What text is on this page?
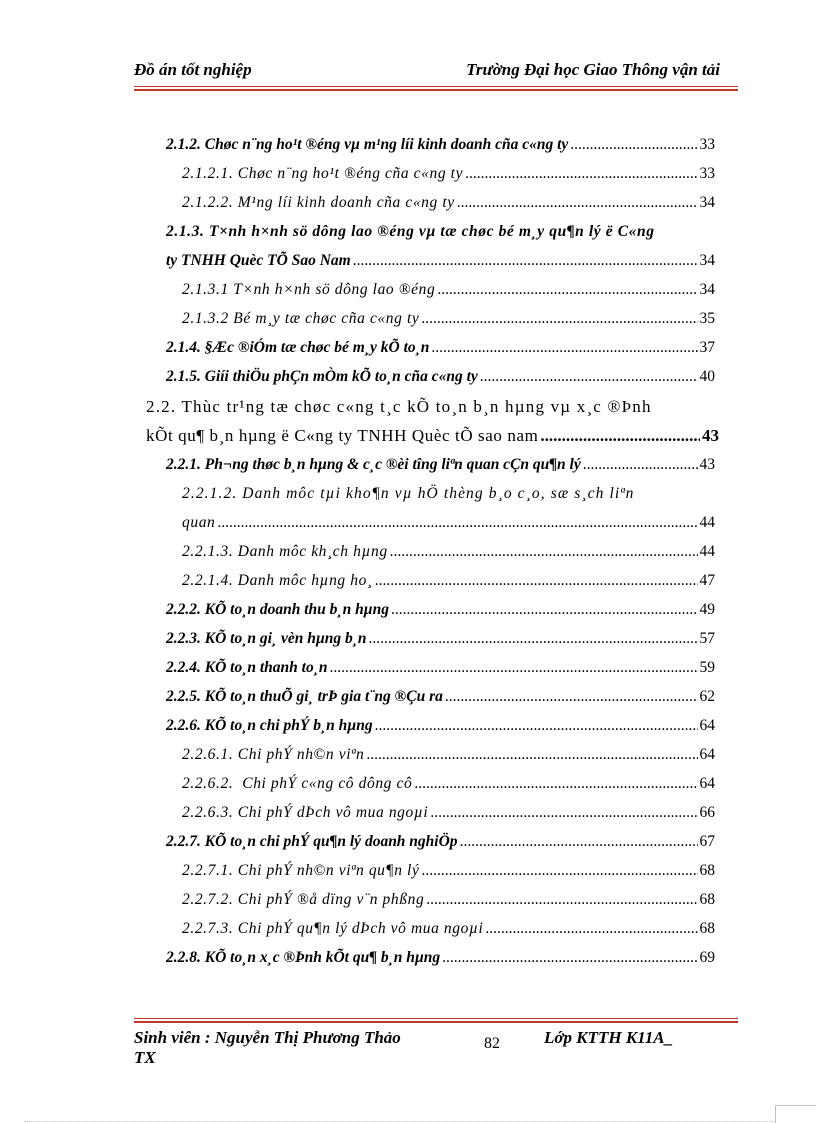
Đồ án tốt nghiệp	Trường Đại học Giao Thông vận tải
2.1.2. Chøc n¨ng ho¹t ®éng vµ m¹ng líi kinh doanh cña c«ng ty .....	33
2.1.2.1. Chøc n¨ng ho¹t ®éng cña c«ng ty .....	33
2.1.2.2. M¹ng líi kinh doanh cña c«ng ty .....	34
2.1.3. T×nh h×nh sö dông lao ®éng vµ tæ chøc bé m¸y qu¶n lý ë C«ng
ty TNHH Quèc TÕ Sao Nam .....	34
2.1.3.1 T×nh h×nh sö dông lao ®éng .....	34
2.1.3.2 Bé m¸y tæ chøc cña c«ng ty .....	35
2.1.4. §Æc ®iÓm tæ chøc bé m¸y kÕ to¸n .....	37
2.1.5. Giíi thiÖu phÇn mÒm kÕ to¸n cña c«ng ty .....	40
2.2. Thùc tr¹ng tæ chøc c«ng t¸c kÕ to¸n b¸n hµng vµ x¸c ®Þnh
kÕt qu¶ b¸n hµng ë C«ng ty TNHH Quèc tÕ sao nam .....	43
2.2.1. Ph¬ng thøc b¸n hµng & c¸c ®èi tîng liªn quan cÇn qu¶n lý .....	43
2.2.1.2. Danh môc tµi kho¶n vµ hÖ thèng b¸o c¸o, sæ s¸ch liªn
quan .....	44
2.2.1.3. Danh môc kh¸ch hµng .....	44
2.2.1.4. Danh môc hµng ho¸ .....	47
2.2.2. KÕ to¸n doanh thu b¸n hµng .....	49
2.2.3. KÕ to¸n gi¸ vèn hµng b¸n .....	57
2.2.4. KÕ to¸n thanh to¸n .....	59
2.2.5. KÕ to¸n thuÕ gi¸ trÞ gia t¨ng ®Çu ra .....	62
2.2.6. KÕ to¸n chi phÝ b¸n hµng .....	64
2.2.6.1. Chi phÝ nh©n viªn .....	64
2.2.6.2.  Chi phÝ c«ng cô dông cô .....	64
2.2.6.3. Chi phÝ dÞch vô mua ngoµi .....	66
2.2.7. KÕ to¸n chi phÝ qu¶n lý doanh nghiÖp .....	67
2.2.7.1. Chi phÝ nh©n viªn qu¶n lý .....	68
2.2.7.2. Chi phÝ ®å dïng v¨n phßng .....	68
2.2.7.3. Chi phÝ qu¶n lý dÞch vô mua ngoµi .....	68
2.2.8. KÕ to¸n x¸c ®Þnh kÕt qu¶ b¸n hµng .....	69
Sinh viên : Nguyễn Thị Phương Thảo
TX
82	Lớp KTTH K11A_
